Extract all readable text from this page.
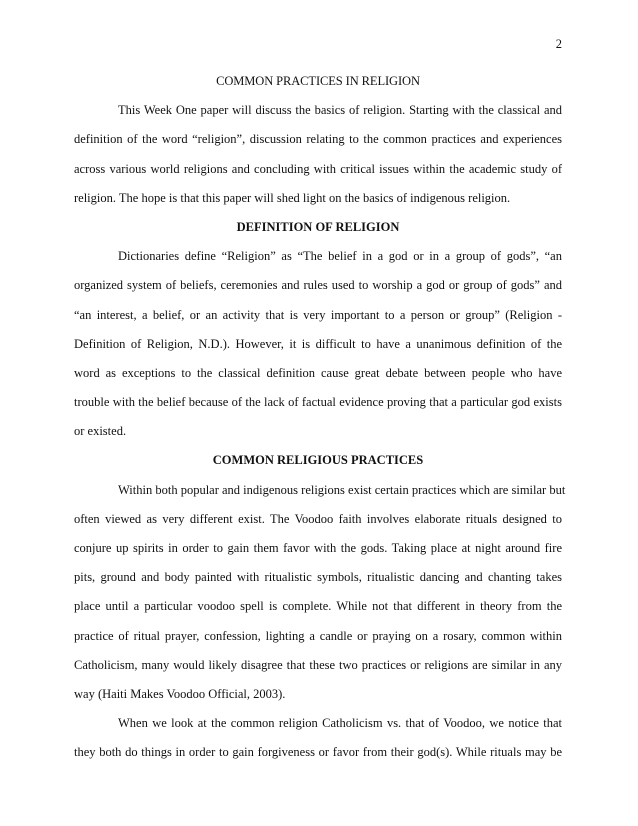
2
COMMON PRACTICES IN RELIGION
This Week One paper will discuss the basics of religion. Starting with the classical and
definition of the word “religion”, discussion relating to the common practices and experiences
across various world religions and concluding with critical issues within the academic study of
religion. The hope is that this paper will shed light on the basics of indigenous religion.
DEFINITION OF RELIGION
Dictionaries define “Religion” as “The belief in a god or in a group of gods”, “an
organized system of beliefs, ceremonies and rules used to worship a god or group of gods” and
“an interest, a belief, or an activity that is very important to a person or group” (Religion -
Definition of Religion, N.D.). However, it is difficult to have a unanimous definition of the
word as exceptions to the classical definition cause great debate between people who have
trouble with the belief because of the lack of factual evidence proving that a particular god exists
or existed.
COMMON RELIGIOUS PRACTICES
Within both popular and indigenous religions exist certain practices which are similar but
often viewed as very different exist. The Voodoo faith involves elaborate rituals designed to
conjure up spirits in order to gain them favor with the gods. Taking place at night around fire
pits, ground and body painted with ritualistic symbols, ritualistic dancing and chanting takes
place until a particular voodoo spell is complete. While not that different in theory from the
practice of ritual prayer, confession, lighting a candle or praying on a rosary, common within
Catholicism, many would likely disagree that these two practices or religions are similar in any
way (Haiti Makes Voodoo Official, 2003).
When we look at the common religion Catholicism vs. that of Voodoo, we notice that
they both do things in order to gain forgiveness or favor from their god(s). While rituals may be
